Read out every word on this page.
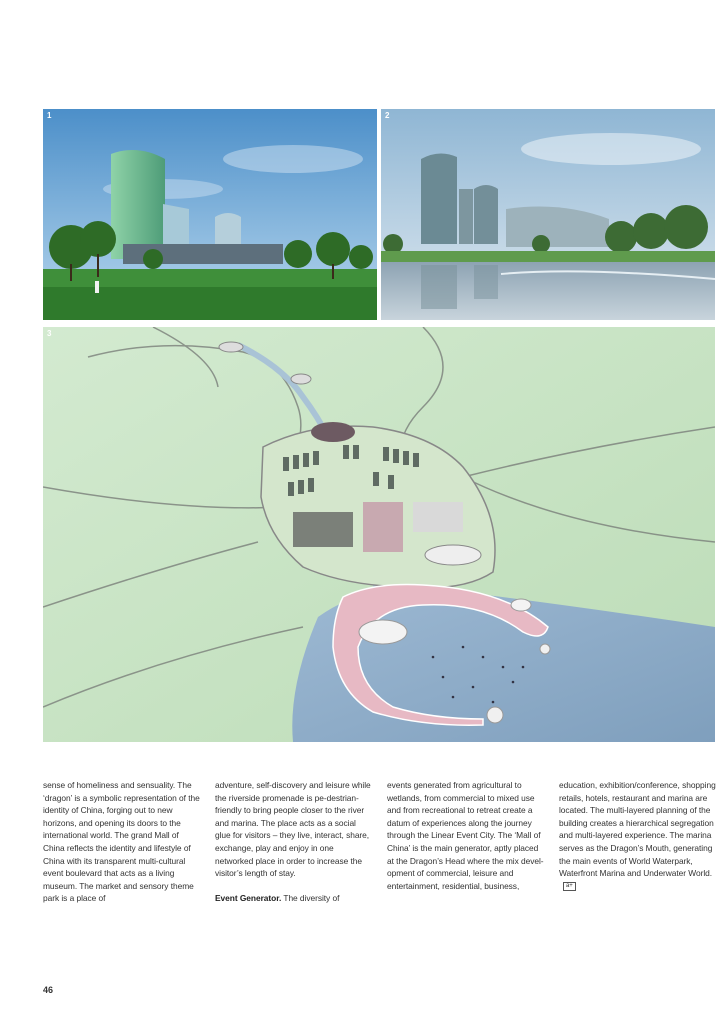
1	2
3

sense of homeliness and sensuality. The ‘dragon’ is a symbolic representation of the identity of China, forging out to new horizons, and opening its doors to the international world. The grand Mall of China reflects the identity and lifestyle of China with its transparent multi-cultural event boulevard that acts as a living museum. The market and sensory theme park is a place of

adventure, self-discovery and leisure while the riverside promenade is pe-destrian-friendly to bring people closer to the river and marina. The place acts as a social glue for visitors – they live, interact, share, exchange, play and enjoy in one networked place in order to increase the visitor’s length of stay.

Event Generator. The diversity of

events generated from agricultural to wetlands, from commercial to mixed use and from recreational to retreat create a datum of experiences along the journey through the Linear Event City. The ‘Mall of China’ is the main generator, aptly placed at the Dragon’s Head where the mix devel-opment of commercial, leisure and entertainment, residential, business,

education, exhibition/conference, shopping retails, hotels, restaurant and marina are located. The multi-layered planning of the building creates a hierarchical segregation and multi-layered experience. The marina serves as the Dragon’s Mouth, generating the main events of World Waterpark, Waterfront Marina and Underwater World.a+

46
